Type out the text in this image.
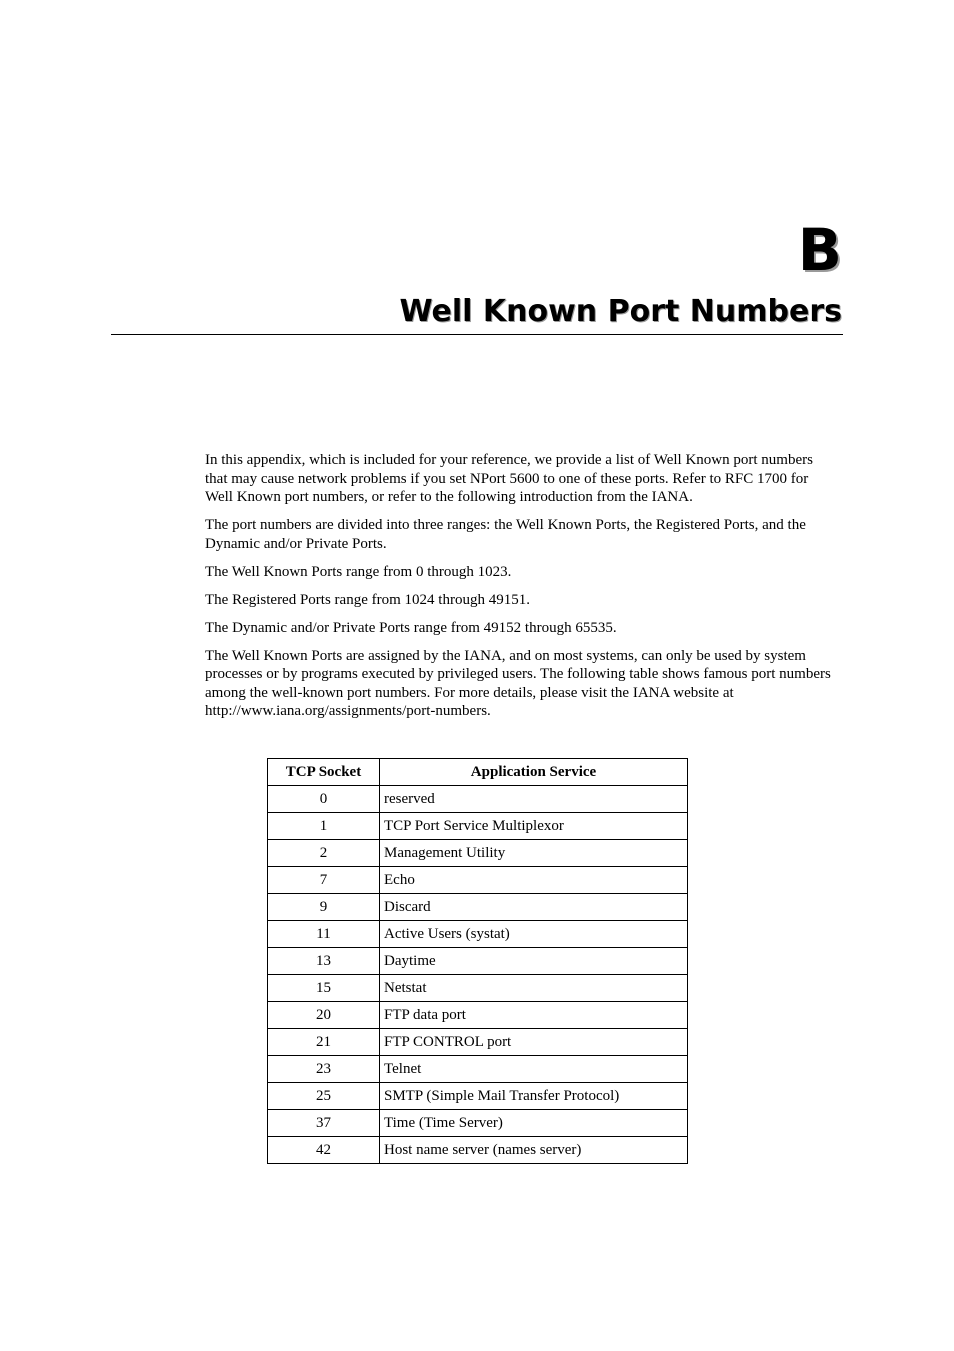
B
Well Known Port Numbers

In this appendix, which is included for your reference, we provide a list of Well Known port numbers that may cause network problems if you set NPort 5600 to one of these ports. Refer to RFC 1700 for Well Known port numbers, or refer to the following introduction from the IANA.

The port numbers are divided into three ranges: the Well Known Ports, the Registered Ports, and the Dynamic and/or Private Ports.

The Well Known Ports range from 0 through 1023.

The Registered Ports range from 1024 through 49151.

The Dynamic and/or Private Ports range from 49152 through 65535.

The Well Known Ports are assigned by the IANA, and on most systems, can only be used by system processes or by programs executed by privileged users. The following table shows famous port numbers among the well-known port numbers. For more details, please visit the IANA website at http://www.iana.org/assignments/port-numbers.

TCP Socket	Application Service
0	reserved
1	TCP Port Service Multiplexor
2	Management Utility
7	Echo
9	Discard
11	Active Users (systat)
13	Daytime
15	Netstat
20	FTP data port
21	FTP CONTROL port
23	Telnet
25	SMTP (Simple Mail Transfer Protocol)
37	Time (Time Server)
42	Host name server (names server)
